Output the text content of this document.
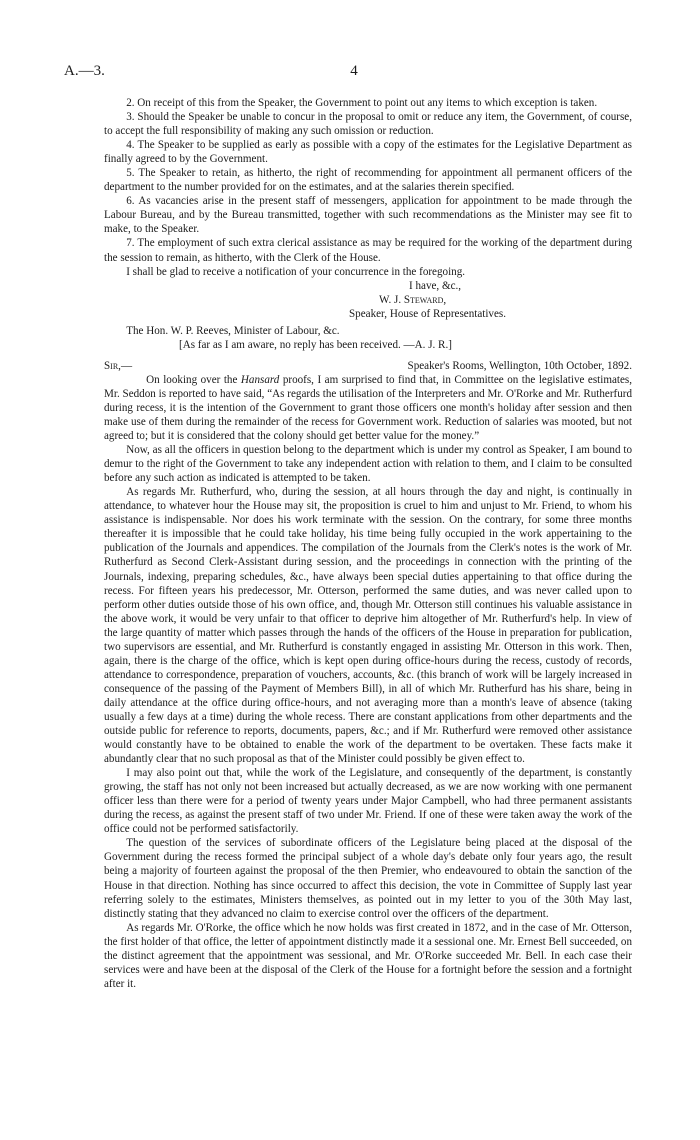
A.—3.	4

2. On receipt of this from the Speaker, the Government to point out any items to which exception is taken.

3. Should the Speaker be unable to concur in the proposal to omit or reduce any item, the Government, of course, to accept the full responsibility of making any such omission or reduction.

4. The Speaker to be supplied as early as possible with a copy of the estimates for the Legislative Department as finally agreed to by the Government.

5. The Speaker to retain, as hitherto, the right of recommending for appointment all permanent officers of the department to the number provided for on the estimates, and at the salaries therein specified.

6. As vacancies arise in the present staff of messengers, application for appointment to be made through the Labour Bureau, and by the Bureau transmitted, together with such recommendations as the Minister may see fit to make, to the Speaker.

7. The employment of such extra clerical assistance as may be required for the working of the department during the session to remain, as hitherto, with the Clerk of the House.

I shall be glad to receive a notification of your concurrence in the foregoing.

I have, &c.,
W. J. Steward,
Speaker, House of Representatives.

The Hon. W. P. Reeves, Minister of Labour, &c.

[As far as I am aware, no reply has been received. —A. J. R.]

Sir,—	Speaker's Rooms, Wellington, 10th October, 1892.

On looking over the Hansard proofs, I am surprised to find that, in Committee on the legislative estimates, Mr. Seddon is reported to have said, “As regards the utilisation of the Interpreters and Mr. O'Rorke and Mr. Rutherfurd during recess, it is the intention of the Government to grant those officers one month's holiday after session and then make use of them during the remainder of the recess for Government work. Reduction of salaries was mooted, but not agreed to; but it is considered that the colony should get better value for the money.”

Now, as all the officers in question belong to the department which is under my control as Speaker, I am bound to demur to the right of the Government to take any independent action with relation to them, and I claim to be consulted before any such action as indicated is attempted to be taken.

As regards Mr. Rutherfurd, who, during the session, at all hours through the day and night, is continually in attendance, to whatever hour the House may sit, the proposition is cruel to him and unjust to Mr. Friend, to whom his assistance is indispensable. Nor does his work terminate with the session. On the contrary, for some three months thereafter it is impossible that he could take holiday, his time being fully occupied in the work appertaining to the publication of the Journals and appendices. The compilation of the Journals from the Clerk's notes is the work of Mr. Rutherfurd as Second Clerk-Assistant during session, and the proceedings in connection with the printing of the Journals, indexing, preparing schedules, &c., have always been special duties appertaining to that office during the recess. For fifteen years his predecessor, Mr. Otterson, performed the same duties, and was never called upon to perform other duties outside those of his own office, and, though Mr. Otterson still continues his valuable assistance in the above work, it would be very unfair to that officer to deprive him altogether of Mr. Rutherfurd's help. In view of the large quantity of matter which passes through the hands of the officers of the House in preparation for publication, two supervisors are essential, and Mr. Rutherfurd is constantly engaged in assisting Mr. Otterson in this work. Then, again, there is the charge of the office, which is kept open during office-hours during the recess, custody of records, attendance to correspondence, preparation of vouchers, accounts, &c. (this branch of work will be largely increased in consequence of the passing of the Payment of Members Bill), in all of which Mr. Rutherfurd has his share, being in daily attendance at the office during office-hours, and not averaging more than a month's leave of absence (taking usually a few days at a time) during the whole recess. There are constant applications from other departments and the outside public for reference to reports, documents, papers, &c.; and if Mr. Rutherfurd were removed other assistance would constantly have to be obtained to enable the work of the department to be overtaken. These facts make it abundantly clear that no such proposal as that of the Minister could possibly be given effect to.

I may also point out that, while the work of the Legislature, and consequently of the department, is constantly growing, the staff has not only not been increased but actually decreased, as we are now working with one permanent officer less than there were for a period of twenty years under Major Campbell, who had three permanent assistants during the recess, as against the present staff of two under Mr. Friend. If one of these were taken away the work of the office could not be performed satisfactorily.

The question of the services of subordinate officers of the Legislature being placed at the disposal of the Government during the recess formed the principal subject of a whole day's debate only four years ago, the result being a majority of fourteen against the proposal of the then Premier, who endeavoured to obtain the sanction of the House in that direction. Nothing has since occurred to affect this decision, the vote in Committee of Supply last year referring solely to the estimates, Ministers themselves, as pointed out in my letter to you of the 30th May last, distinctly stating that they advanced no claim to exercise control over the officers of the department.

As regards Mr. O'Rorke, the office which he now holds was first created in 1872, and in the case of Mr. Otterson, the first holder of that office, the letter of appointment distinctly made it a sessional one. Mr. Ernest Bell succeeded, on the distinct agreement that the appointment was sessional, and Mr. O'Rorke succeeded Mr. Bell. In each case their services were and have been at the disposal of the Clerk of the House for a fortnight before the session and a fortnight after it.
